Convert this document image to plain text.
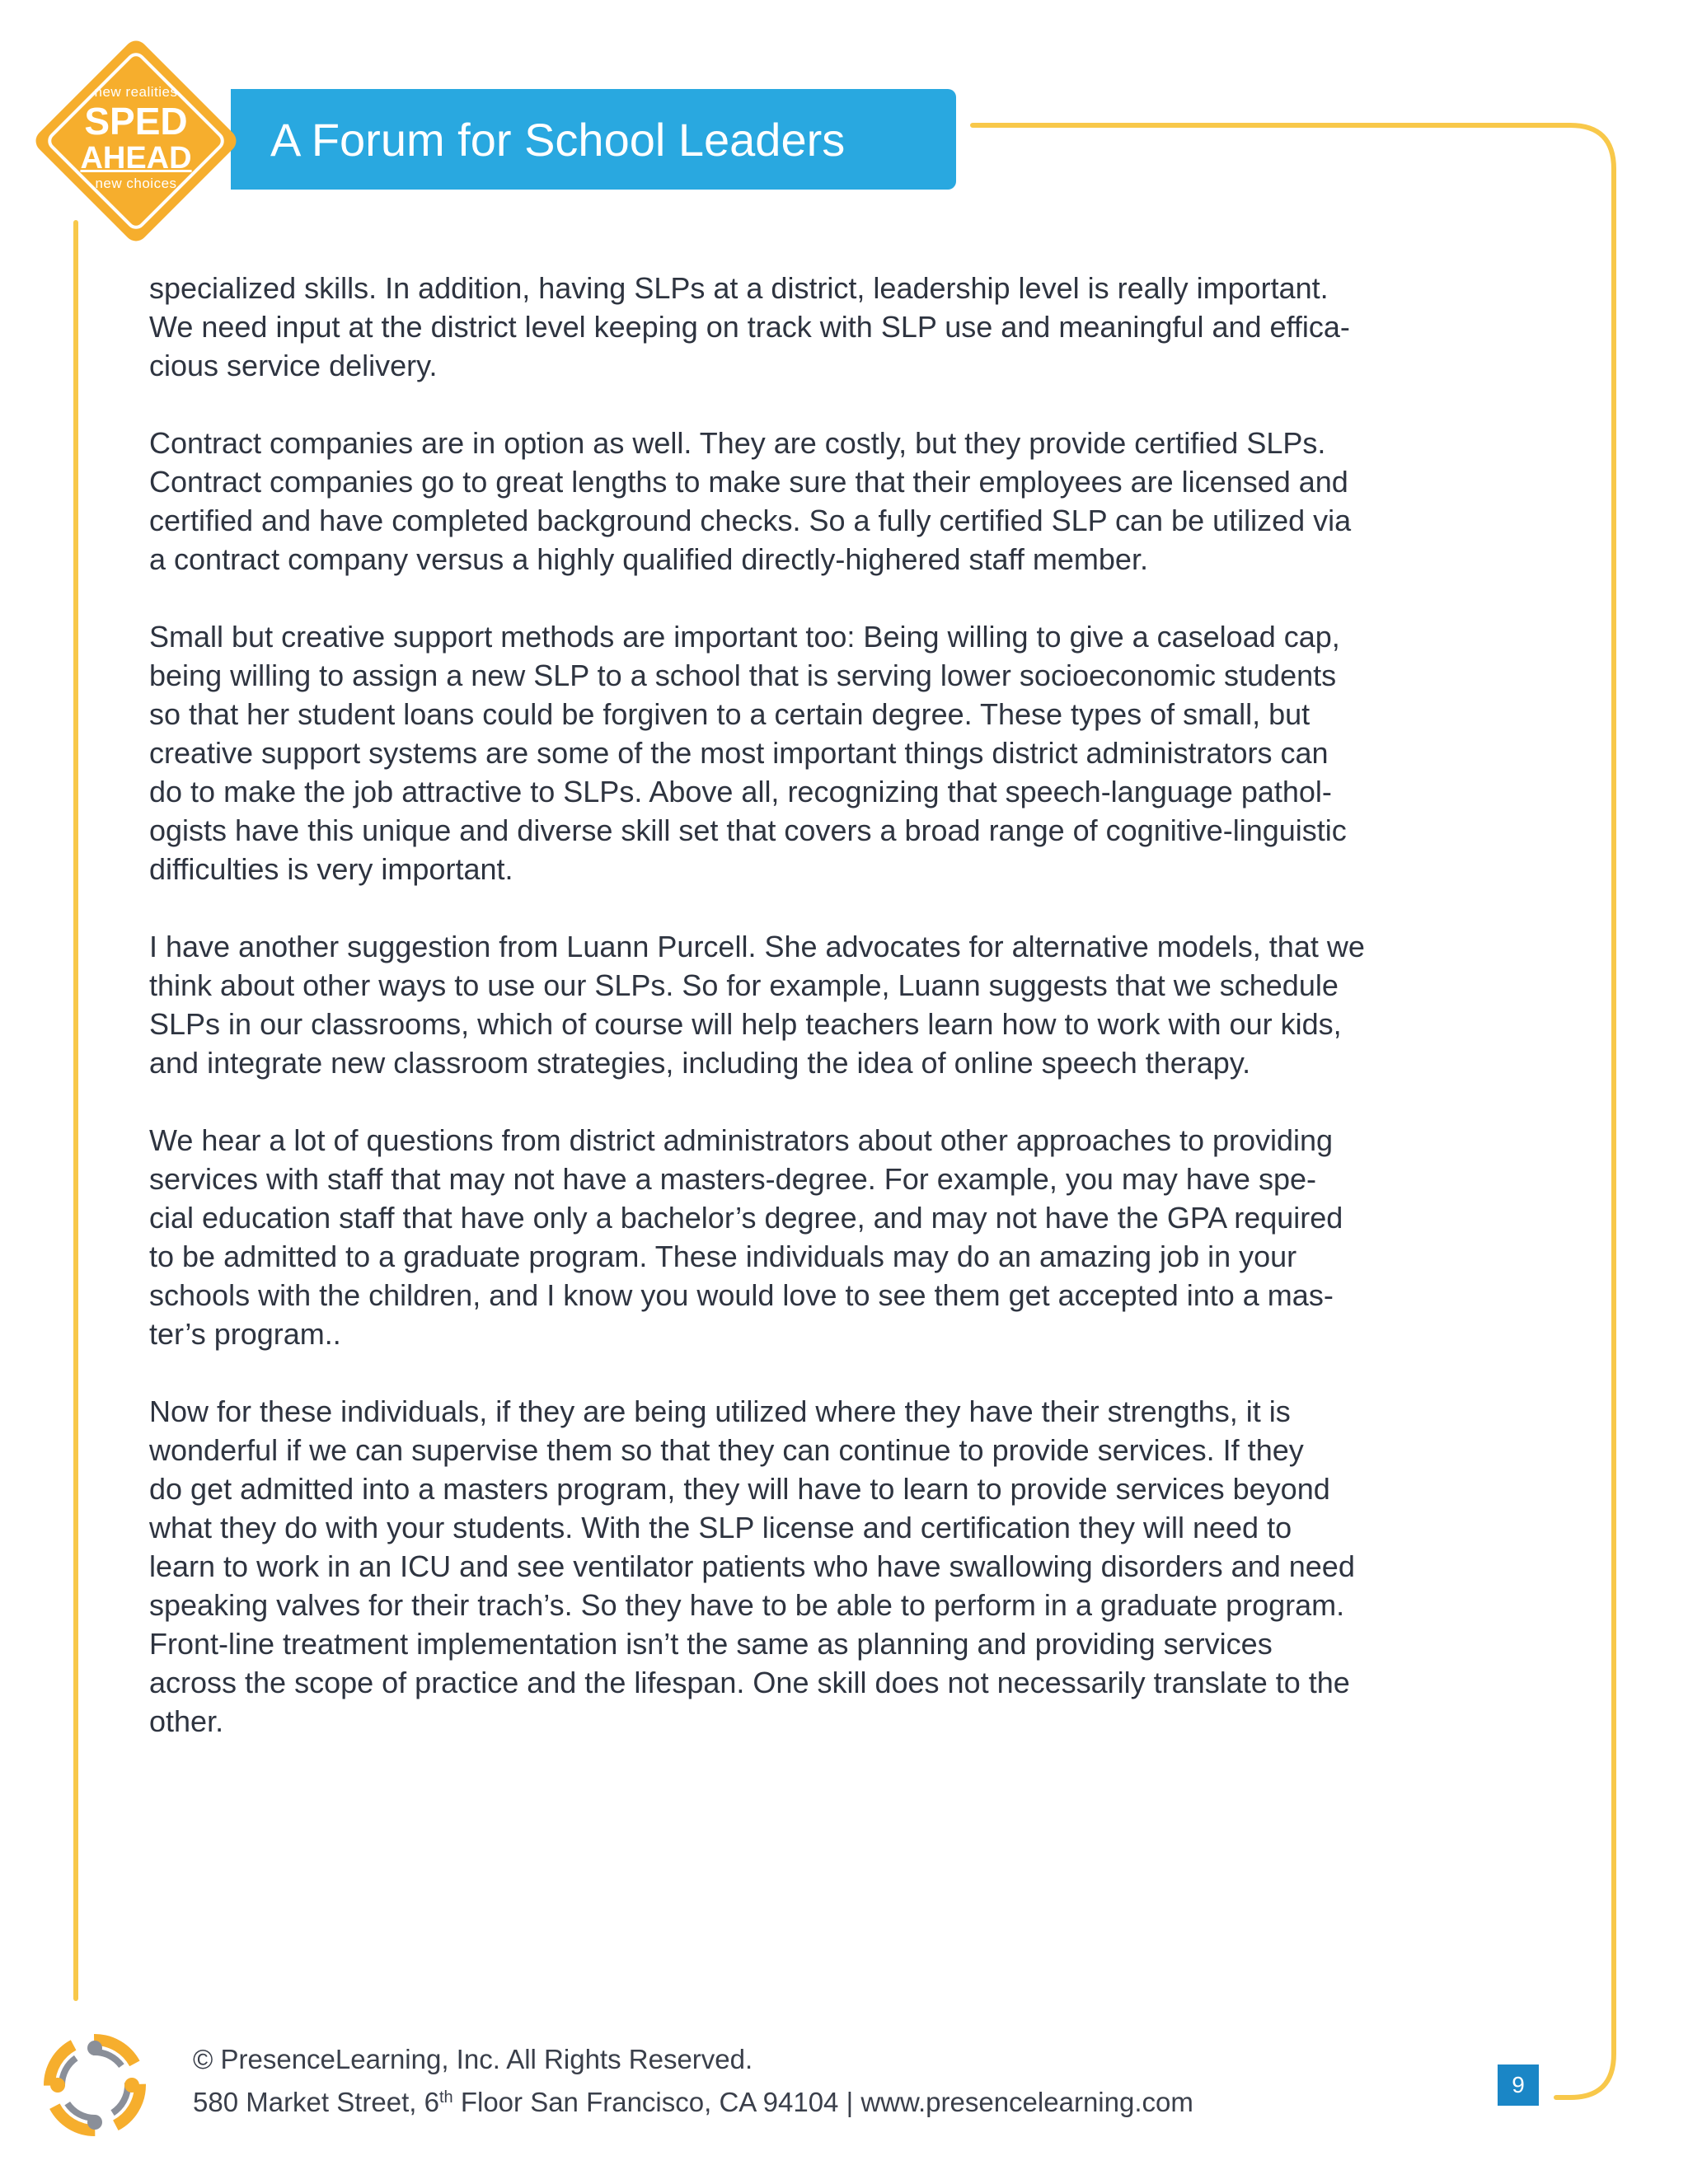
A Forum for School Leaders
new realities
SPED
AHEAD
new choices

specialized skills. In addition, having SLPs at a district, leadership level is really important.
We need input at the district level keeping on track with SLP use and meaningful and effica-
cious service delivery.

Contract companies are in option as well. They are costly, but they provide certified SLPs.
Contract companies go to great lengths to make sure that their employees are licensed and
certified and have completed background checks. So a fully certified SLP can be utilized via
a contract company versus a highly qualified directly-highered staff member.

Small but creative support methods are important too: Being willing to give a caseload cap,
being willing to assign a new SLP to a school that is serving lower socioeconomic students
so that her student loans could be forgiven to a certain degree. These types of small, but
creative support systems are some of the most important things district administrators can
do to make the job attractive to SLPs. Above all, recognizing that speech-language pathol-
ogists have this unique and diverse skill set that covers a broad range of cognitive-linguistic
difficulties is very important.

I have another suggestion from Luann Purcell. She advocates for alternative models, that we
think about other ways to use our SLPs. So for example, Luann suggests that we schedule
SLPs in our classrooms, which of course will help teachers learn how to work with our kids,
and integrate new classroom strategies, including the idea of online speech therapy.

We hear a lot of questions from district administrators about other approaches to providing
services with staff that may not have a masters-degree. For example, you may have spe-
cial education staff that have only a bachelor’s degree, and may not have the GPA required
to be admitted to a graduate program. These individuals may do an amazing job in your
schools with the children, and I know you would love to see them get accepted into a mas-
ter’s program..

Now for these individuals, if they are being utilized where they have their strengths, it is
wonderful if we can supervise them so that they can continue to provide services. If they
do get admitted into a masters program, they will have to learn to provide services beyond
what they do with your students. With the SLP license and certification they will need to
learn to work in an ICU and see ventilator patients who have swallowing disorders and need
speaking valves for their trach’s. So they have to be able to perform in a graduate program.
Front-line treatment implementation isn’t the same as planning and providing services
across the scope of practice and the lifespan. One skill does not necessarily translate to the
other.

© PresenceLearning, Inc. All Rights Reserved.
580 Market Street, 6th Floor San Francisco, CA 94104 | www.presencelearning.com
9
